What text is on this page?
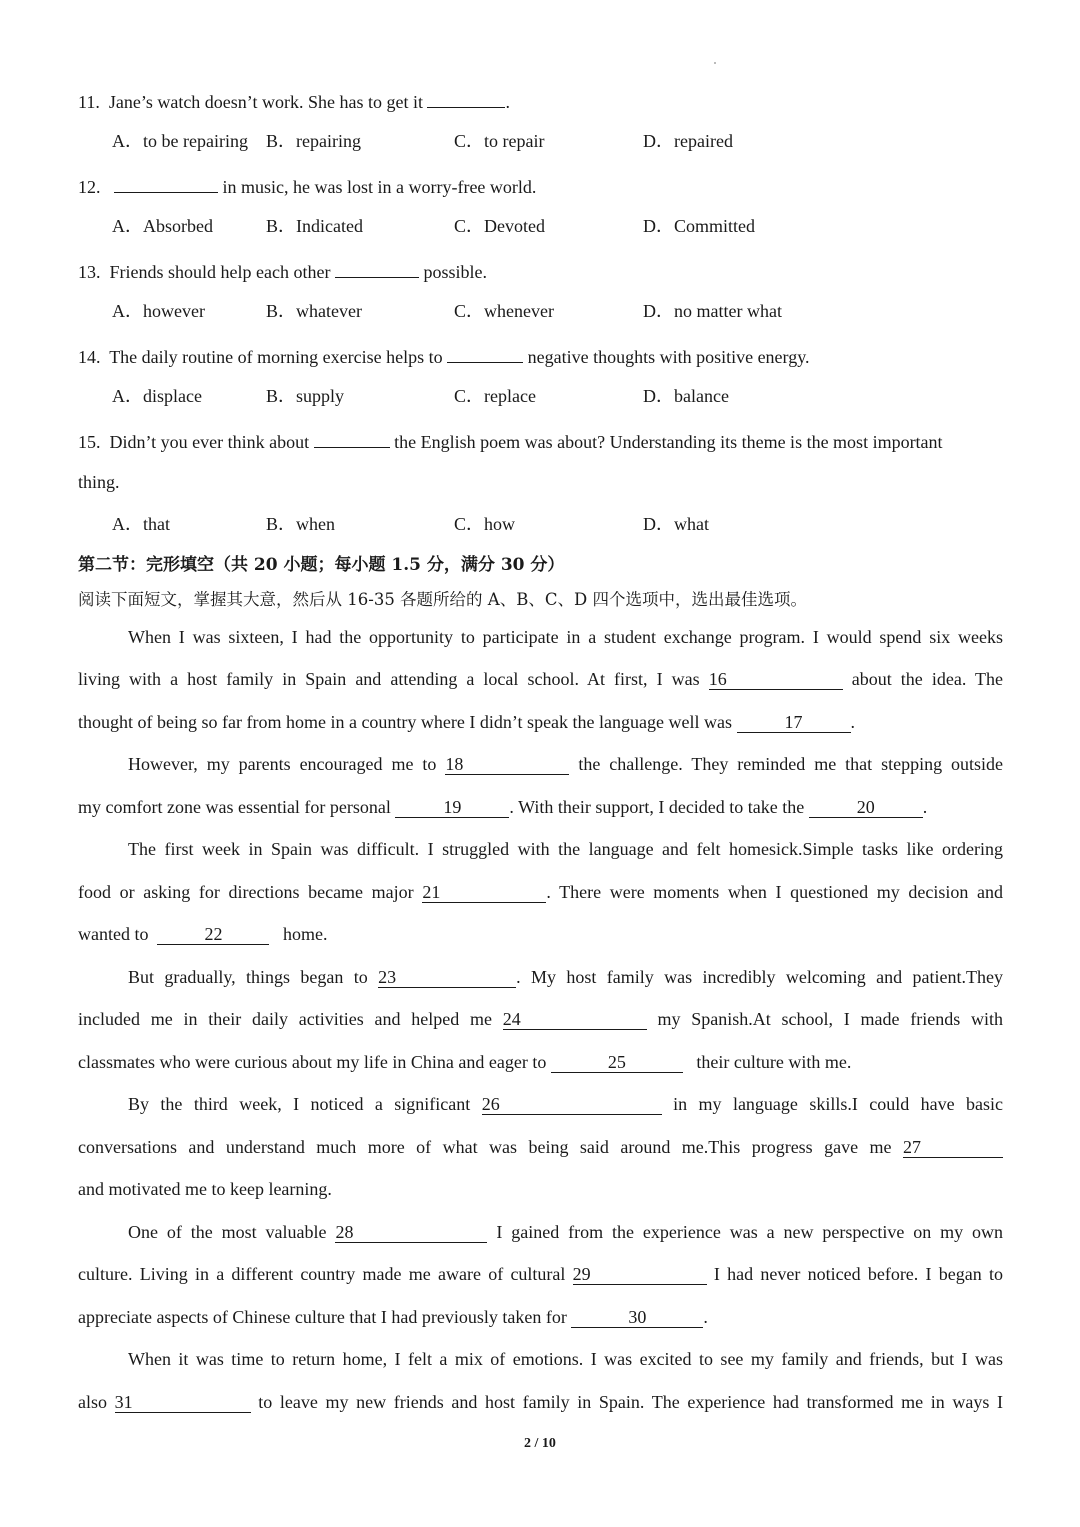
11. Jane’s watch doesn’t work. She has to get it	.
A．to be repairing B．repairing	C．to repair	D．repaired
12.	in music, he was lost in a worry-free world.
A．Absorbed	B．Indicated	C．Devoted	D．Committed
13. Friends should help each other	possible.
A．however	B．whatever	C．whenever	D．no matter what
14. The daily routine of morning exercise helps to	negative thoughts with positive energy.
A．displace	B．supply	C．replace	D．balance
15. Didn’t you ever think about	the English poem was about? Understanding its theme is the most important
thing.
A．that	B．when	C．how	D．what
第二节：完形填空（共 20 小题；每小题 1.5 分，满分 30 分）
阅读下面短文，掌握其大意，然后从 16-35 各题所给的 A、B、C、D 四个选项中，选出最佳选项。
When I was sixteen, I had the opportunity to participate in a student exchange program. I would spend six weeks
living with a host family in Spain and attending a local school. At first, I was 16	about the idea. The
thought of being so far from home in a country where I didn’t speak the language well was	17	.
However, my parents encouraged me to 18	the challenge. They reminded me that stepping outside
my comfort zone was essential for personal	19	. With their support, I decided to take the	20	.
The first week in Spain was difficult. I struggled with the language and felt homesick.Simple tasks like ordering
food or asking for directions became major 21	. There were moments when I questioned my decision and
wanted to	22	home.
But gradually, things began to 23	. My host family was incredibly welcoming and patient.They
included me in their daily activities and helped me 24	my Spanish.At school, I made friends with
classmates who were curious about my life in China and eager to	25	their culture with me.
By the third week, I noticed a significant 26	in my language skills.I could have basic
conversations and understand much more of what was being said around me.This progress gave me 27
and motivated me to keep learning.
One of the most valuable 28	I gained from the experience was a new perspective on my own
culture. Living in a different country made me aware of cultural 29	I had never noticed before. I began to
appreciate aspects of Chinese culture that I had previously taken for	30	.
When it was time to return home, I felt a mix of emotions. I was excited to see my family and friends, but I was
also 31	to leave my new friends and host family in Spain. The experience had transformed me in ways I
2 / 10
